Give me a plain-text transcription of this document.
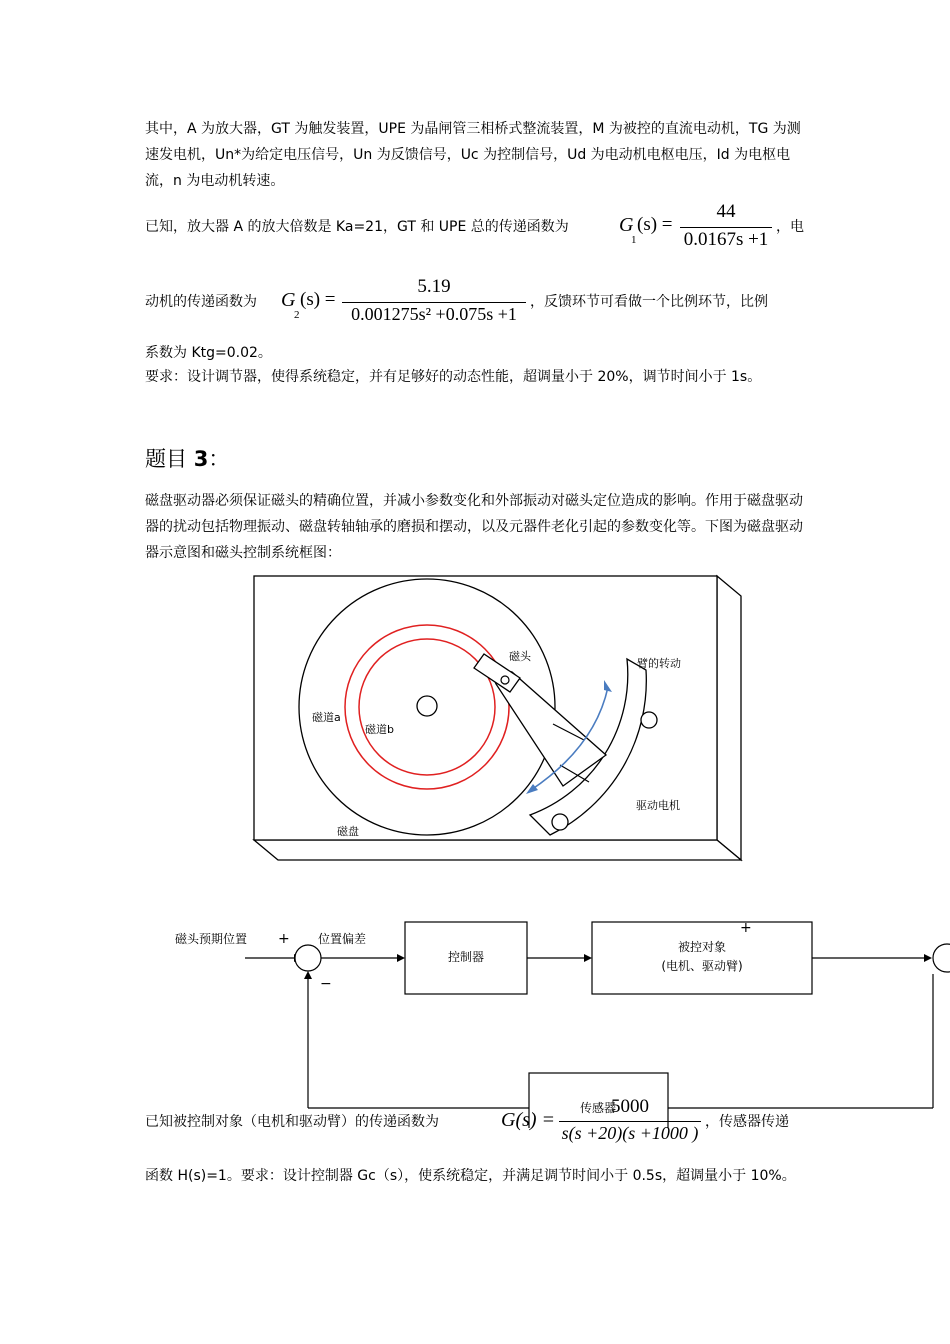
其中，A 为放大器，GT 为触发装置，UPE 为晶闸管三相桥式整流装置，M 为被控的直流电动机，TG 为测速发电机，Un*为给定电压信号，Un 为反馈信号，Uc 为控制信号，Ud 为电动机电枢电压，Id 为电枢电流，n 为电动机转速。

已知，放大器 A 的放大倍数是 Ka=21，GT 和 UPE 总的传递函数为	G
1
(s) =
44
0.0167s +1
，电
动机的传递函数为 G
2
(s) =
5.19
0.001275s² +0.075s +1
，反馈环节可看做一个比例环节，比例
系数为 Ktg=0.02。

要求：设计调节器，使得系统稳定，并有足够好的动态性能，超调量小于 20%，调节时间小于 1s。

题目 3：

磁盘驱动器必须保证磁头的精确位置，并减小参数变化和外部振动对磁头定位造成的影响。作用于磁盘驱动器的扰动包括物理振动、磁盘转轴轴承的磨损和摆动，以及元器件老化引起的参数变化等。下图为磁盘驱动器示意图和磁头控制系统框图：

磁头
臂的转动
磁道a
磁道b
驱动电机
磁盘
磁头预期位置 + 位置偏差
−
控制器
被控对象
(电机、驱动臂)
+
传感器
已知被控制对象（电机和驱动臂）的传递函数为	G(s) =
5000
s(s +20)(s +1000 )
，传感器传递

函数 H(s)=1。要求：设计控制器 Gc（s），使系统稳定，并满足调节时间小于 0.5s，超调量小于 10%。
